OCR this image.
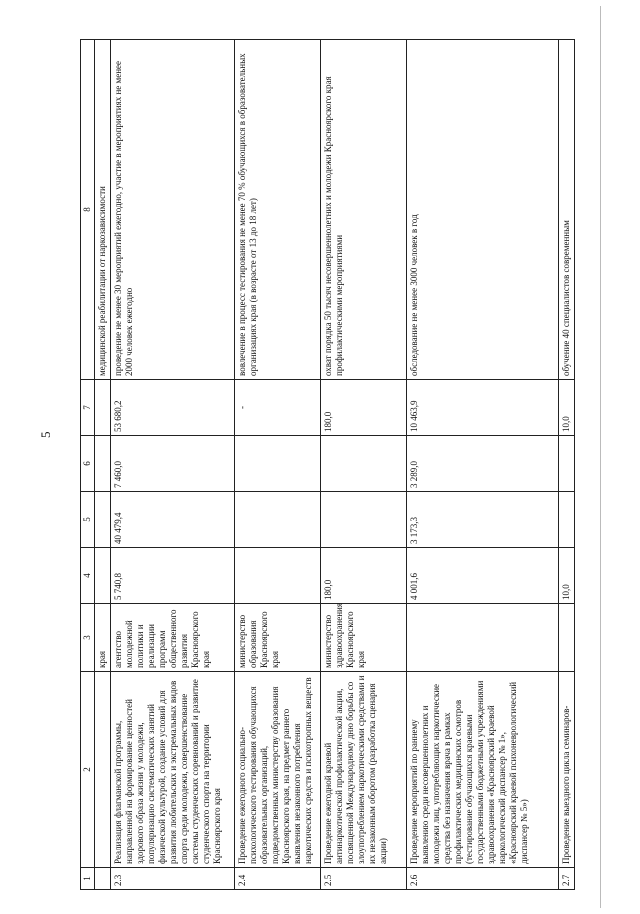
5
1	2	3	4	5	6	7	8
		края					медицинской реабилитации от наркозависимости
2.3	Реализация флагманской программы, направленной на формирование ценностей здорового образа жизни у молодежи, популяризацию систематических занятий физической культурой, создание условий для развития любительских и экстремальных видов спорта среди молодежи, совершенствование системы студенческих соревнований и развитие студенческого спорта на территории Красноярского края	агентство молодежной политики и реализации программ общественного развития Красноярского края	5 740,8	40 479,4	7 460,0	53 680,2	проведение не менее 30 мероприятий ежегодно, участие в мероприятиях не менее 2000 человек ежегодно
2.4	Проведение ежегодного социально-психологического тестирования обучающихся образовательных организаций, подведомственных министерству образования Красноярского края, на предмет раннего выявления незаконного потребления наркотических средств и психотропных веществ	министерство образования Красноярского края				-	вовлечение в процесс тестирования не менее 70 % обучающихся в образовательных организациях края (в возрасте от 13 до 18 лет)
2.5	Проведение ежегодной краевой антинаркотической профилактической акции, посвященной Международному дню борьбы со злоупотреблением наркотическими средствами и их незаконным оборотом (разработка сценария акции)	министерство здравоохранения Красноярского края	180,0			180,0	охват порядка 50 тысяч несовершеннолетних и молодежи Красноярского края профилактическими мероприятиями
2.6	Проведение мероприятий по раннему выявлению среди несовершеннолетних и молодежи лиц, употребляющих наркотические средства без назначения врача в рамках профилактических медицинских осмотров (тестирование обучающихся краевыми государственными бюджетными учреждениями здравоохранения «Красноярский краевой наркологический диспансер № 1», «Красноярский краевой психоневрологический диспансер № 5»)		4 001,6	3 173,3	3 289,0	10 463,9	обследование не менее 3000 человек в год
2.7	Проведение выездного цикла семинаров-		10,0			10,0	обучение 40 специалистов современным
